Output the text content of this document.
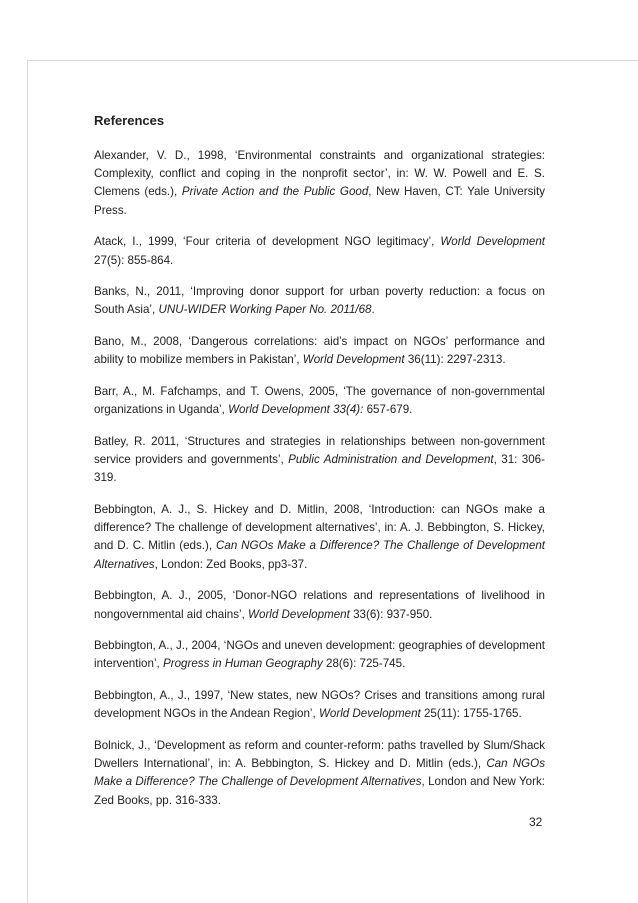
References

Alexander, V. D., 1998, ‘Environmental constraints and organizational strategies: Complexity, conflict and coping in the nonprofit sector’, in: W. W. Powell and E. S. Clemens (eds.), Private Action and the Public Good, New Haven, CT: Yale University Press.

Atack, I., 1999, ‘Four criteria of development NGO legitimacy’, World Development 27(5): 855-864.

Banks, N., 2011, ‘Improving donor support for urban poverty reduction: a focus on South Asia’, UNU-WIDER Working Paper No. 2011/68.

Bano, M., 2008, ‘Dangerous correlations: aid’s impact on NGOs’ performance and ability to mobilize members in Pakistan’, World Development 36(11): 2297-2313.

Barr, A., M. Fafchamps, and T. Owens, 2005, ‘The governance of non-governmental organizations in Uganda’, World Development 33(4): 657-679.

Batley, R. 2011, ‘Structures and strategies in relationships between non-government service providers and governments’, Public Administration and Development, 31: 306-319.

Bebbington, A. J., S. Hickey and D. Mitlin, 2008, ‘Introduction: can NGOs make a difference? The challenge of development alternatives’, in: A. J. Bebbington, S. Hickey, and D. C. Mitlin (eds.), Can NGOs Make a Difference? The Challenge of Development Alternatives, London: Zed Books, pp3-37.

Bebbington, A. J., 2005, ‘Donor-NGO relations and representations of livelihood in nongovernmental aid chains’, World Development 33(6): 937-950.

Bebbington, A., J., 2004, ‘NGOs and uneven development: geographies of development intervention’, Progress in Human Geography 28(6): 725-745.

Bebbington, A., J., 1997, ‘New states, new NGOs? Crises and transitions among rural development NGOs in the Andean Region’, World Development 25(11): 1755-1765.

Bolnick, J., ‘Development as reform and counter-reform: paths travelled by Slum/Shack Dwellers International’, in: A. Bebbington, S. Hickey and D. Mitlin (eds.), Can NGOs Make a Difference? The Challenge of Development Alternatives, London and New York: Zed Books, pp. 316-333.

32
